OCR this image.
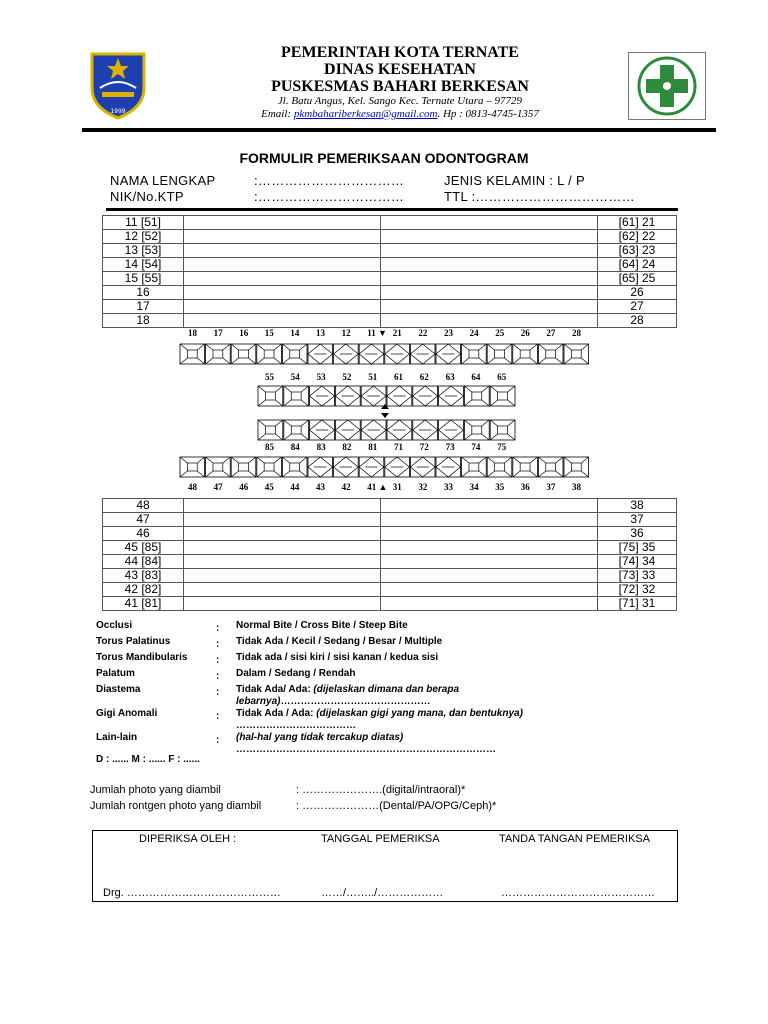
1999
PEMERINTAH KOTA TERNATE
DINAS KESEHATAN
PUSKESMAS BAHARI BERKESAN
Jl. Batu Angus, Kel. Sango Kec. Ternate Utara – 97729
Email: pkmbahariberkesan@gmail.com. Hp : 0813-4745-1357
FORMULIR PEMERIKSAAN ODONTOGRAM
NAMA LENGKAP	:……………………………	JENIS KELAMIN : L / P
NIK/No.KTP	:……………………………	TTL :………………………………
11 [51]			[61] 21
12 [52]			[62] 22
13 [53]			[63] 23
14 [54]			[64] 24
15 [55]			[65] 25
16			26
17			27
18			28
18 17 16 15 14 13 12 11 ▼ 21 22 23 24 25 26 27 28
55 54 53 52 51 61 62 63 64 65
85 84 83 82 81 71 72 73 74 75
48 47 46 45 44 43 42 41 ▲ 31 32 33 34 35 36 37 38
48			38
47			37
46			36
45 [85]			[75] 35
44 [84]			[74] 34
43 [83]			[73] 33
42 [82]			[72] 32
41 [81]			[71] 31
Occlusi	: Normal Bite / Cross Bite / Steep Bite
Torus Palatinus	: Tidak Ada / Kecil / Sedang / Besar / Multiple
Torus Mandibularis	: Tidak ada / sisi kiri / sisi kanan / kedua sisi
Palatum	: Dalam / Sedang / Rendah
Diastema	: Tidak Ada/ Ada: (dijelaskan dimana dan berapa lebarnya)………………………………………
Gigi Anomali	: Tidak Ada / Ada: (dijelaskan gigi yang mana, dan bentuknya) ………………………………
Lain-lain	: (hal-hal yang tidak tercakup diatas) ……………………………………………………………………
D : ...... M : ...... F : ......
Jumlah photo yang diambil	: ………………….(digital/intraoral)*
Jumlah rontgen photo yang diambil	: …………………(Dental/PA/OPG/Ceph)*
DIPERIKSA OLEH :	TANGGAL PEMERIKSA	TANDA TANGAN PEMERIKSA
Drg. ……………………………………	……/……../………………	……………………………………
